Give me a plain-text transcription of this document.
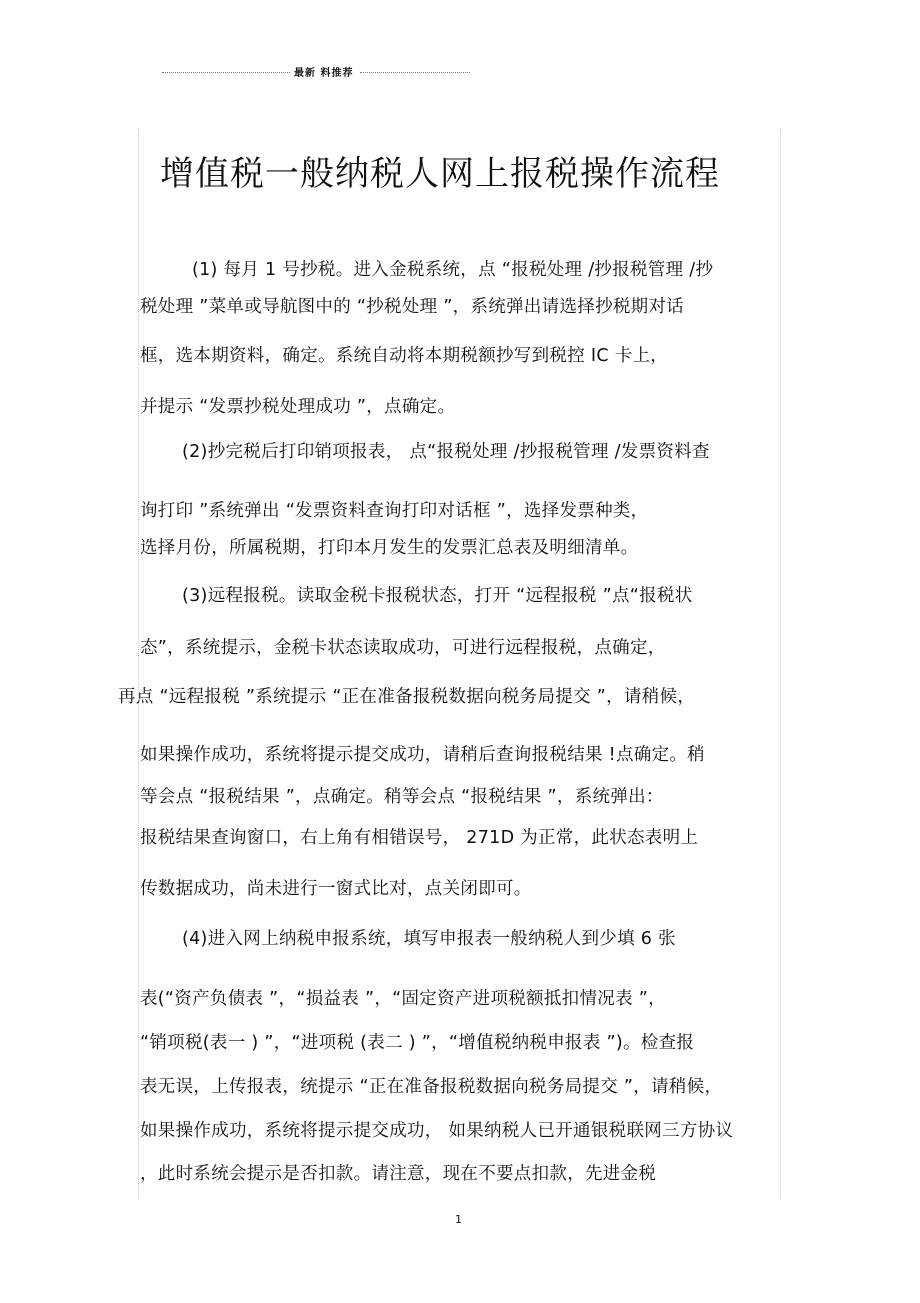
最新 料推荐
增值税一般纳税人网上报税操作流程
(1) 每月 1 号抄税。进入金税系统，点 “报税处理 /抄报税管理 /抄
税处理 ”菜单或导航图中的 “抄税处理 ”，系统弹出请选择抄税期对话
框，选本期资料，确定。系统自动将本期税额抄写到税控 IC 卡上，
并提示 “发票抄税处理成功 ”，点确定。
(2)抄完税后打印销项报表， 点“报税处理 /抄报税管理 /发票资料查
询打印 ”系统弹出 “发票资料查询打印对话框 ”，选择发票种类，
选择月份，所属税期，打印本月发生的发票汇总表及明细清单。
(3)远程报税。读取金税卡报税状态，打开 “远程报税 ”点“报税状
态”，系统提示，金税卡状态读取成功，可进行远程报税，点确定，
再点 “远程报税 ”系统提示 “正在准备报税数据向税务局提交 ”，请稍候，
如果操作成功，系统将提示提交成功，请稍后查询报税结果 !点确定。稍
等会点 “报税结果 ”，点确定。稍等会点 “报税结果 ”，系统弹出：
报税结果查询窗口，右上角有相错误号， 271D 为正常，此状态表明上
传数据成功，尚未进行一窗式比对，点关闭即可。
(4)进入网上纳税申报系统，填写申报表一般纳税人到少填 6 张
表(“资产负债表 ”，“损益表 ”，“固定资产进项税额抵扣情况表 ”，
“销项税(表一 ) ”，“进项税 (表二 ) ”，“增值税纳税申报表 ”)。检查报
表无误，上传报表，统提示 “正在准备报税数据向税务局提交 ”，请稍候，
如果操作成功，系统将提示提交成功， 如果纳税人已开通银税联网三方协议
，此时系统会提示是否扣款。请注意，现在不要点扣款，先进金税
1
